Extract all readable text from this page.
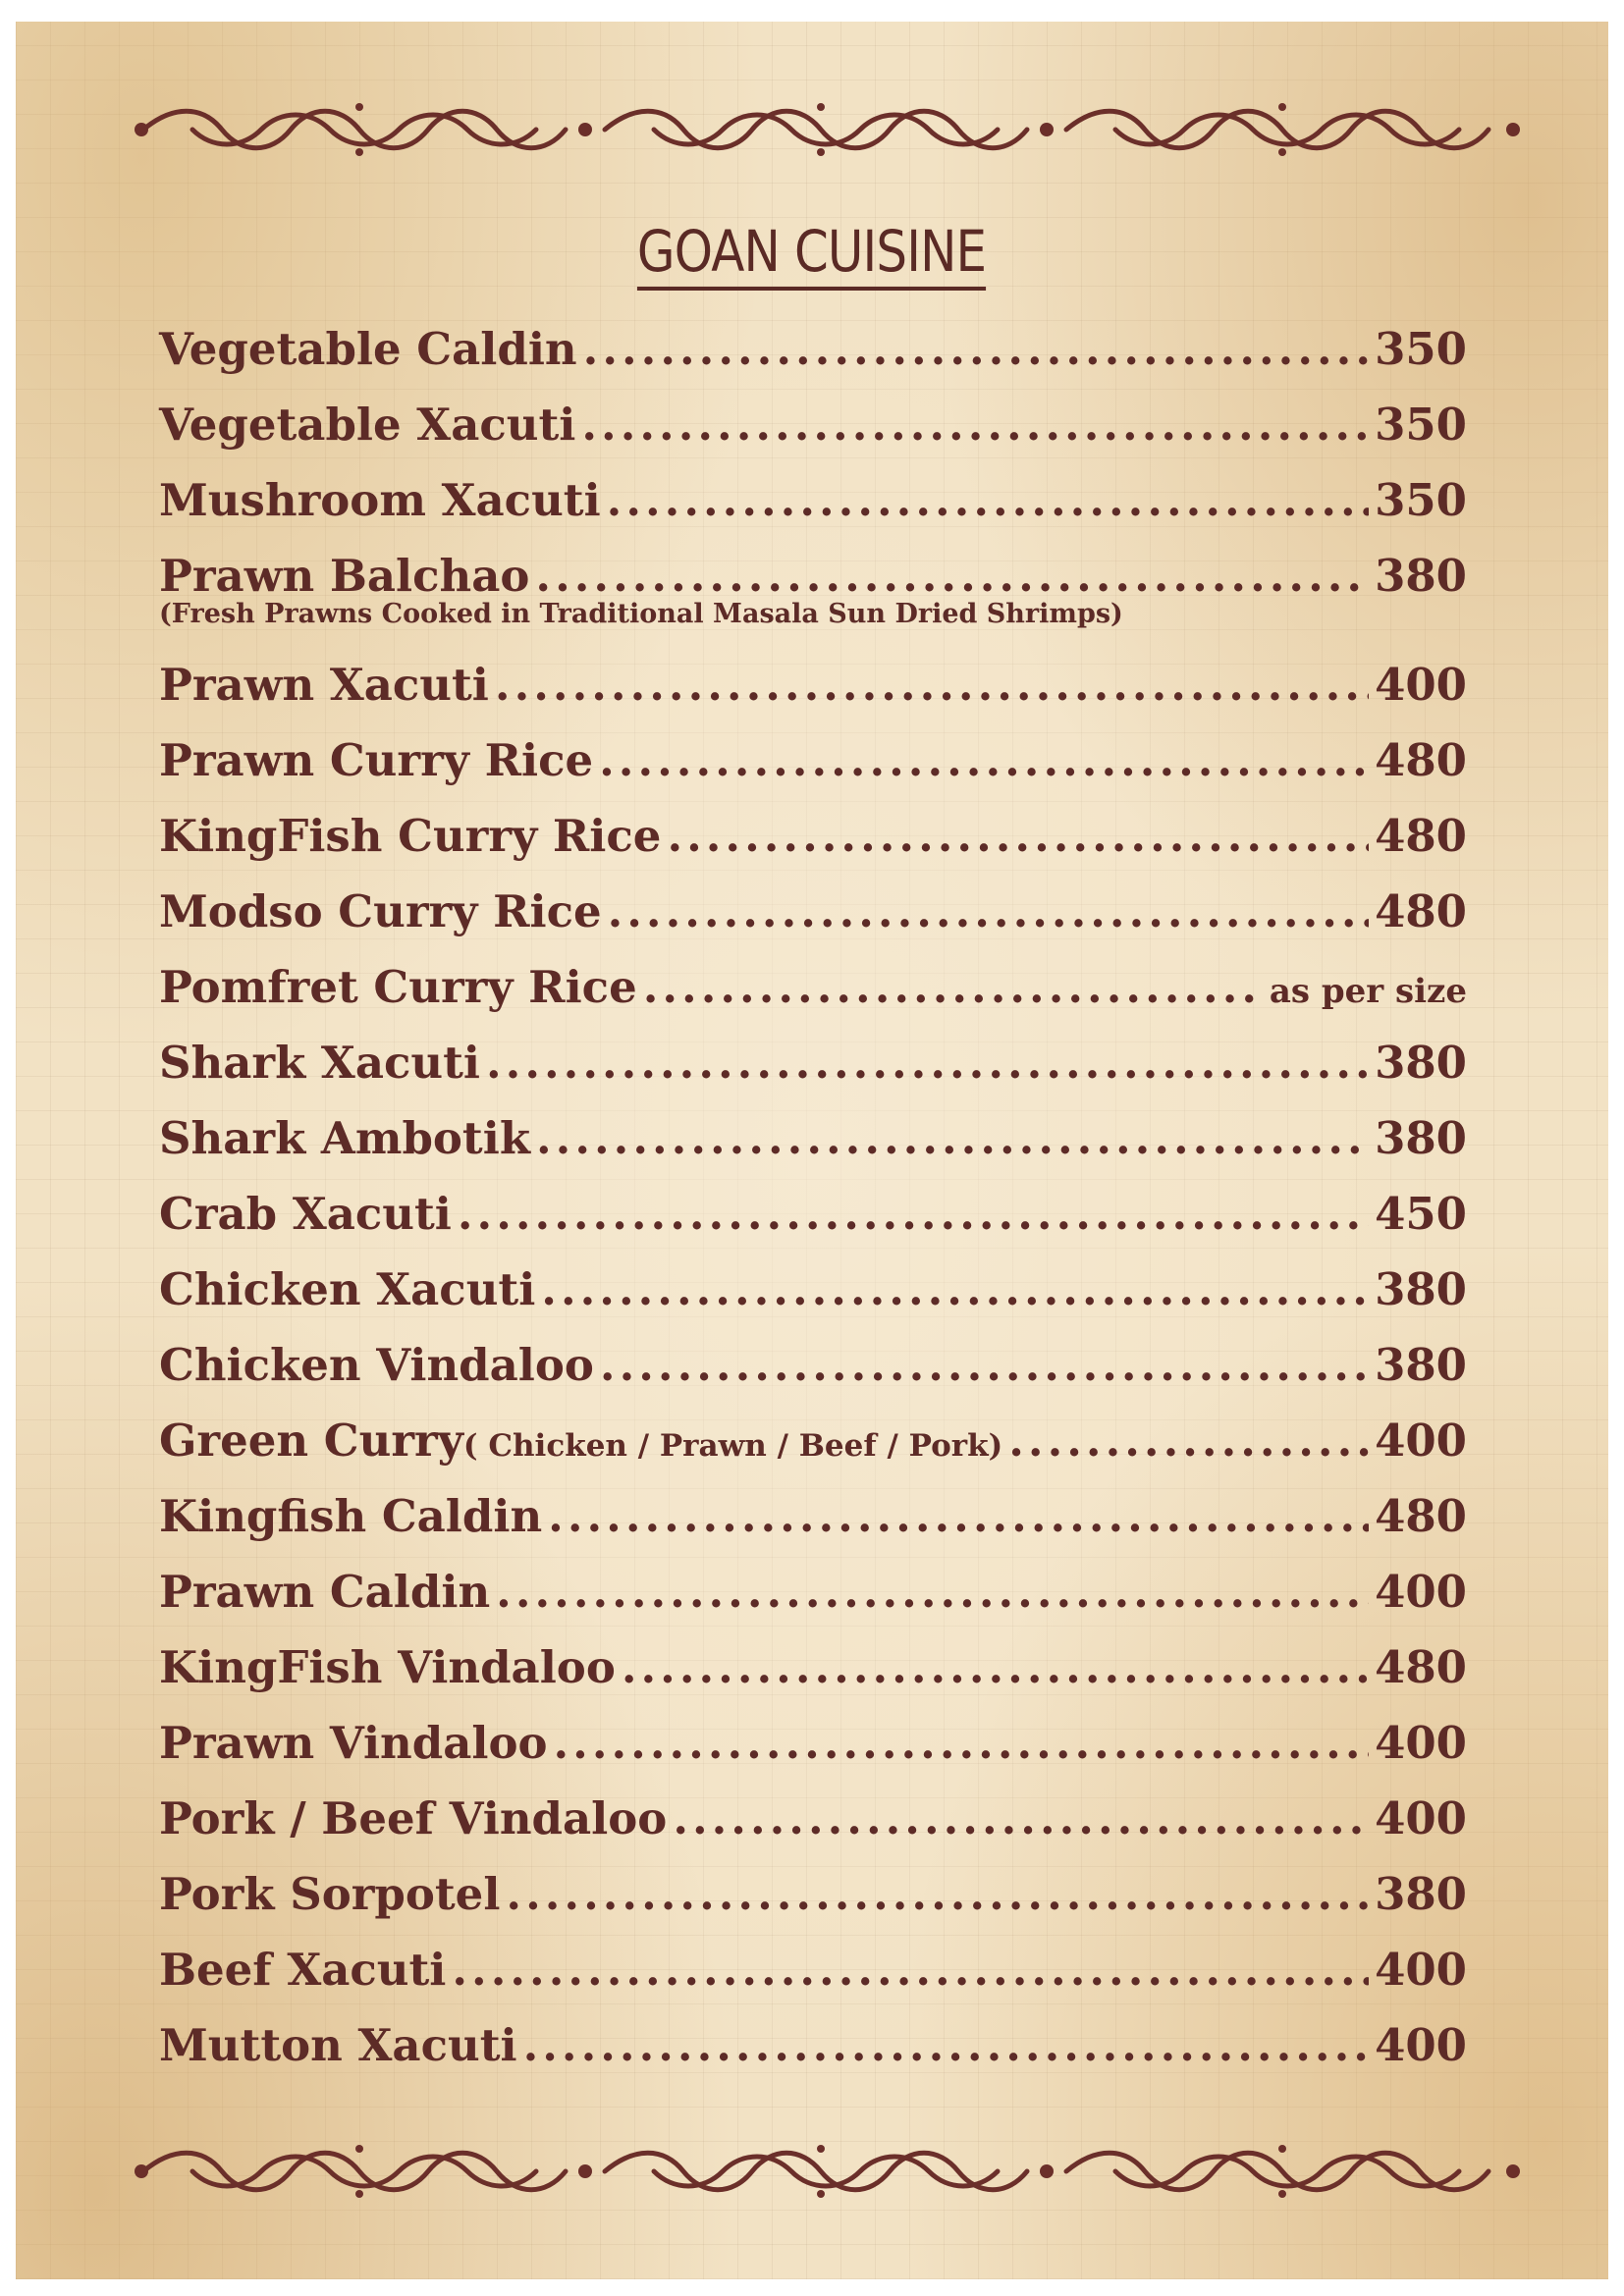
GOAN CUISINE
Vegetable Caldin .....	350
Vegetable Xacuti .....	350
Mushroom Xacuti .....	350
Prawn Balchao .....	380
(Fresh Prawns Cooked in Traditional Masala Sun Dried Shrimps)
Prawn Xacuti .....	400
Prawn Curry Rice .....	480
KingFish Curry Rice .....	480
Modso Curry Rice .....	480
Pomfret Curry Rice .....	as per size
Shark Xacuti .....	380
Shark Ambotik .....	380
Crab Xacuti .....	450
Chicken Xacuti .....	380
Chicken Vindaloo .....	380
Green Curry ( Chicken / Prawn / Beef / Pork) .....	400
Kingfish Caldin .....	480
Prawn Caldin .....	400
KingFish Vindaloo .....	480
Prawn Vindaloo .....	400
Pork / Beef Vindaloo .....	400
Pork Sorpotel .....	380
Beef Xacuti .....	400
Mutton Xacuti .....	400
